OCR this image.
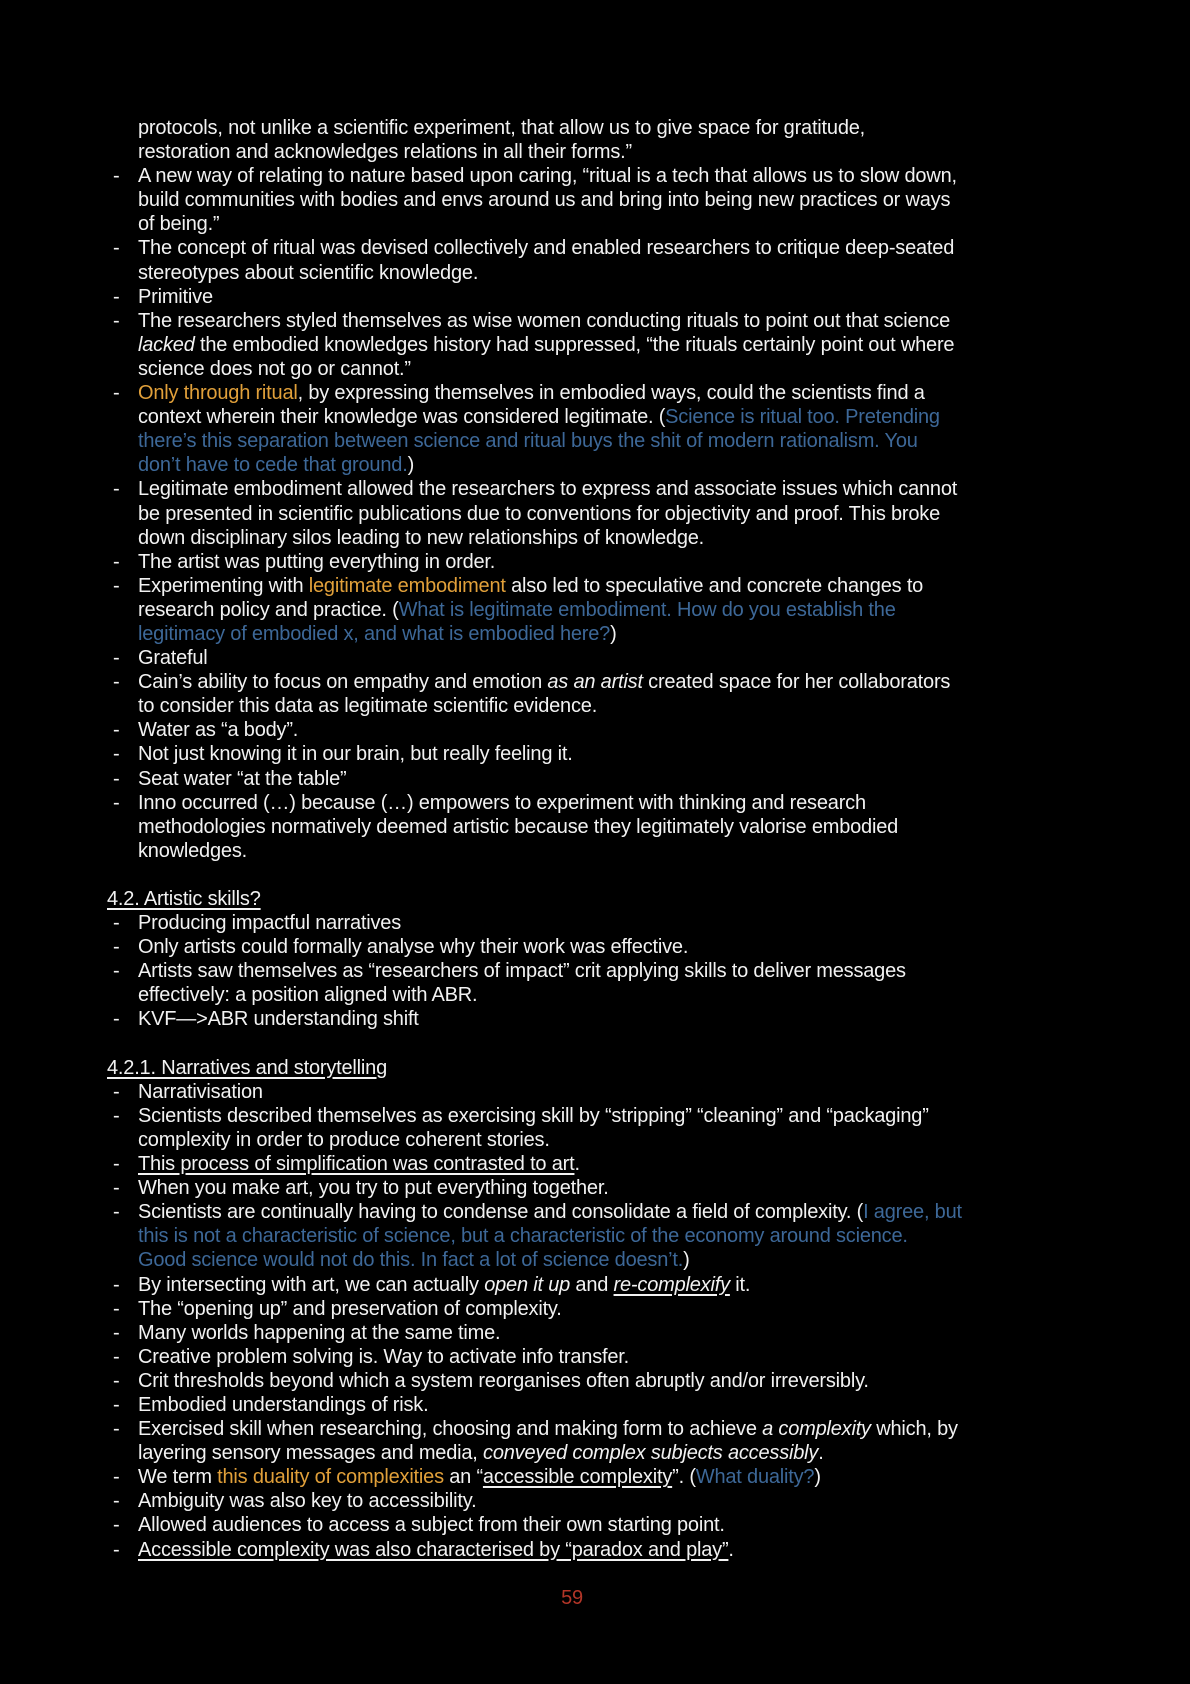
protocols, not unlike a scientific experiment, that allow us to give space for gratitude,
restoration and acknowledges relations in all their forms.”
- A new way of relating to nature based upon caring, “ritual is a tech that allows us to slow down,
build communities with bodies and envs around us and bring into being new practices or ways
of being.”
- The concept of ritual was devised collectively and enabled researchers to critique deep-seated
stereotypes about scientific knowledge.
- Primitive
- The researchers styled themselves as wise women conducting rituals to point out that science
lacked the embodied knowledges history had suppressed, “the rituals certainly point out where
science does not go or cannot.”
- Only through ritual, by expressing themselves in embodied ways, could the scientists find a
context wherein their knowledge was considered legitimate. (Science is ritual too. Pretending
there’s this separation between science and ritual buys the shit of modern rationalism. You
don’t have to cede that ground.)
- Legitimate embodiment allowed the researchers to express and associate issues which cannot
be presented in scientific publications due to conventions for objectivity and proof. This broke
down disciplinary silos leading to new relationships of knowledge.
- The artist was putting everything in order.
- Experimenting with legitimate embodiment also led to speculative and concrete changes to
research policy and practice. (What is legitimate embodiment. How do you establish the
legitimacy of embodied x, and what is embodied here?)
- Grateful
- Cain’s ability to focus on empathy and emotion as an artist created space for her collaborators
to consider this data as legitimate scientific evidence.
- Water as “a body”.
- Not just knowing it in our brain, but really feeling it.
- Seat water “at the table”
- Inno occurred (…) because (…) empowers to experiment with thinking and research
methodologies normatively deemed artistic because they legitimately valorise embodied
knowledges.
4.2. Artistic skills?
- Producing impactful narratives
- Only artists could formally analyse why their work was effective.
- Artists saw themselves as “researchers of impact” crit applying skills to deliver messages
effectively: a position aligned with ABR.
- KVF—>ABR understanding shift
4.2.1. Narratives and storytelling
- Narrativisation
- Scientists described themselves as exercising skill by “stripping” “cleaning” and “packaging”
complexity in order to produce coherent stories.
- This process of simplification was contrasted to art.
- When you make art, you try to put everything together.
- Scientists are continually having to condense and consolidate a field of complexity. (I agree, but
this is not a characteristic of science, but a characteristic of the economy around science.
Good science would not do this. In fact a lot of science doesn’t.)
- By intersecting with art, we can actually open it up and re-complexify it.
- The “opening up” and preservation of complexity.
- Many worlds happening at the same time.
- Creative problem solving is. Way to activate info transfer.
- Crit thresholds beyond which a system reorganises often abruptly and/or irreversibly.
- Embodied understandings of risk.
- Exercised skill when researching, choosing and making form to achieve a complexity which, by
layering sensory messages and media, conveyed complex subjects accessibly.
- We term this duality of complexities an “accessible complexity”. (What duality?)
- Ambiguity was also key to accessibility.
- Allowed audiences to access a subject from their own starting point.
- Accessible complexity was also characterised by “paradox and play”.
59
